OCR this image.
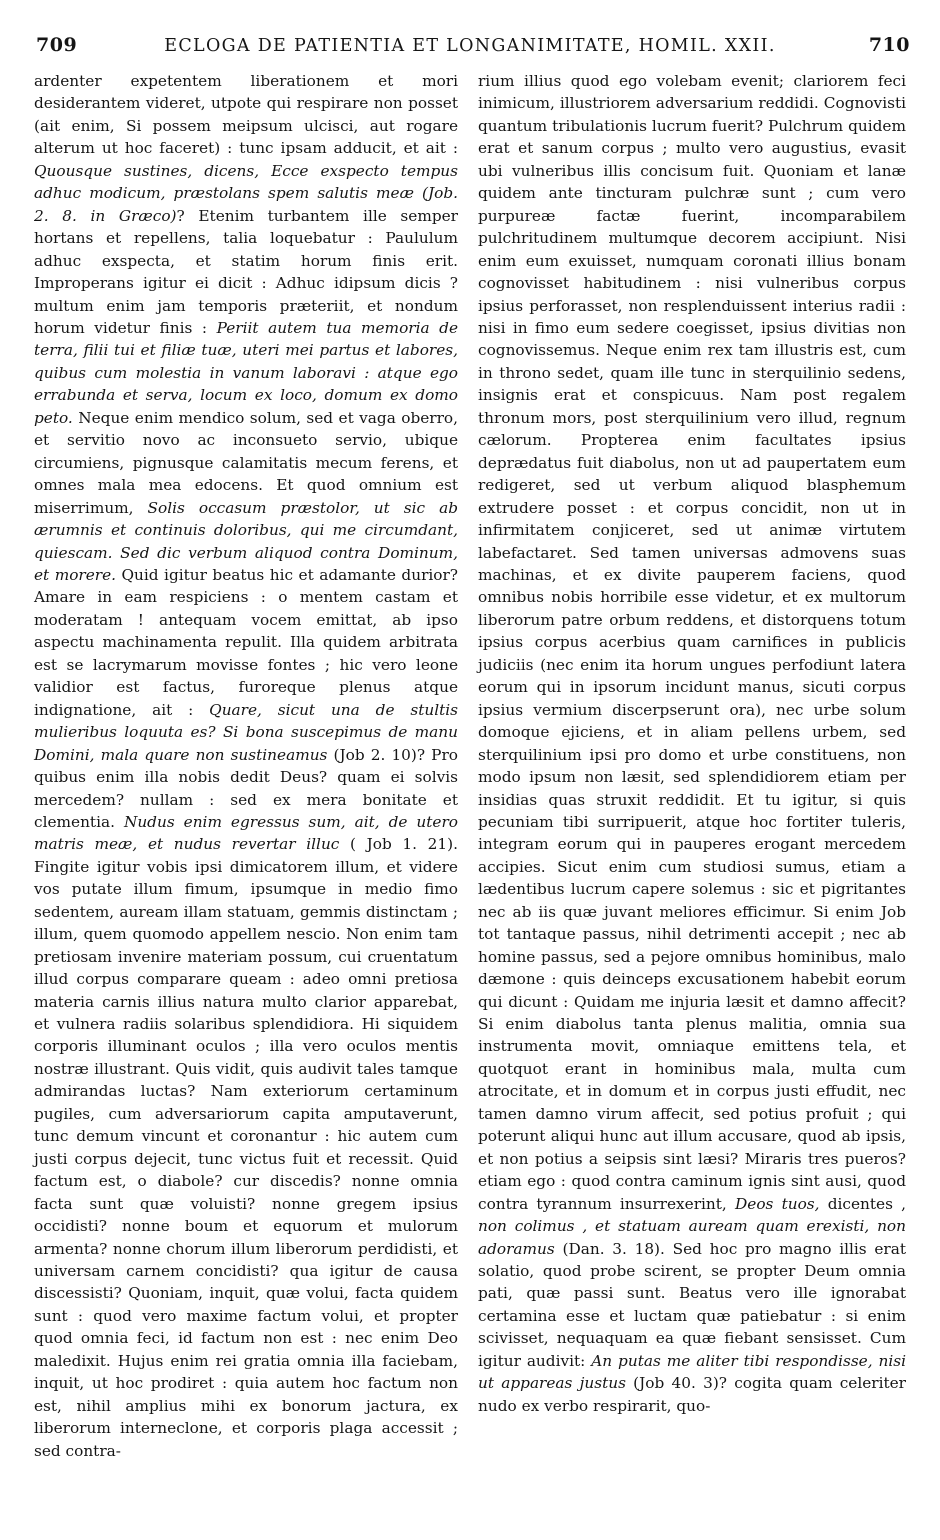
709	ECLOGA DE PATIENTIA ET LONGANIMITATE, HOMIL. XXII.	710

ardenter expetentem liberationem et mori desiderantem videret, utpote qui respirare non posset (ait enim, Si possem meipsum ulcisci, aut rogare alterum ut hoc faceret) : tunc ipsam adducit, et ait : Quousque sustines, dicens, Ecce exspecto tempus adhuc modicum, præstolans spem salutis meæ (Job. 2. 8. in Græco)? Etenim turbantem ille semper hortans et repellens, talia loquebatur : Paululum adhuc exspecta, et statim horum finis erit. Improperans igitur ei dicit : Adhuc idipsum dicis ? multum enim jam temporis præteriit, et nondum horum videtur finis : Periit autem tua memoria de terra, filii tui et filiæ tuæ, uteri mei partus et labores, quibus cum molestia in vanum laboravi : atque ego errabunda et serva, locum ex loco, domum ex domo peto. Neque enim mendico solum, sed et vaga oberro, et servitio novo ac inconsueto servio, ubique circumiens, pignusque calamitatis mecum ferens, et omnes mala mea edocens. Et quod omnium est miserrimum, Solis occasum præstolor, ut sic ab ærumnis et continuis doloribus, qui me circumdant, quiescam. Sed dic verbum aliquod contra Dominum, et morere. Quid igitur beatus hic et adamante durior? Amare in eam respiciens : o mentem castam et moderatam ! antequam vocem emittat, ab ipso aspectu machinamenta repulit. Illa quidem arbitrata est se lacrymarum movisse fontes ; hic vero leone validior est factus, furoreque plenus atque indignatione, ait : Quare, sicut una de stultis mulieribus loquuta es? Si bona suscepimus de manu Domini, mala quare non sustineamus (Job 2. 10)? Pro quibus enim illa nobis dedit Deus? quam ei solvis mercedem? nullam : sed ex mera bonitate et clementia. Nudus enim egressus sum, ait, de utero matris meæ, et nudus revertar illuc ( Job 1. 21). Fingite igitur vobis ipsi dimicatorem illum, et videre vos putate illum fimum, ipsumque in medio fimo sedentem, auream illam statuam, gemmis distinctam ; illum, quem quomodo appellem nescio. Non enim tam pretiosam invenire materiam possum, cui cruentatum illud corpus comparare queam : adeo omni pretiosa materia carnis illius natura multo clarior apparebat, et vulnera radiis solaribus splendidiora. Hi siquidem corporis illuminant oculos ; illa vero oculos mentis nostræ illustrant. Quis vidit, quis audivit tales tamque admirandas luctas? Nam exteriorum certaminum pugiles, cum adversariorum capita amputaverunt, tunc demum vincunt et coronantur : hic autem cum justi corpus dejecit, tunc victus fuit et recessit. Quid factum est, o diabole? cur discedis? nonne omnia facta sunt quæ voluisti? nonne gregem ipsius occidisti? nonne boum et equorum et mulorum armenta? nonne chorum illum liberorum perdidisti, et universam carnem concidisti? qua igitur de causa discessisti? Quoniam, inquit, quæ volui, facta quidem sunt : quod vero maxime factum volui, et propter quod omnia feci, id factum non est : nec enim Deo maledixit. Hujus enim rei gratia omnia illa faciebam, inquit, ut hoc prodiret : quia autem hoc factum non est, nihil amplius mihi ex bonorum jactura, ex liberorum interneclone, et corporis plaga accessit ; sed contra-

rium illius quod ego volebam evenit; clariorem feci inimicum, illustriorem adversarium reddidi. Cognovisti quantum tribulationis lucrum fuerit? Pulchrum quidem erat et sanum corpus ; multo vero augustius, evasit ubi vulneribus illis concisum fuit. Quoniam et lanæ quidem ante tincturam pulchræ sunt ; cum vero purpureæ factæ fuerint, incomparabilem pulchritudinem multumque decorem accipiunt. Nisi enim eum exuisset, numquam coronati illius bonam cognovisset habitudinem : nisi vulneribus corpus ipsius perforasset, non resplenduissent interius radii : nisi in fimo eum sedere coegisset, ipsius divitias non cognovissemus. Neque enim rex tam illustris est, cum in throno sedet, quam ille tunc in sterquilinio sedens, insignis erat et conspicuus. Nam post regalem thronum mors, post sterquilinium vero illud, regnum cælorum. Propterea enim facultates ipsius deprædatus fuit diabolus, non ut ad paupertatem eum redigeret, sed ut verbum aliquod blasphemum extrudere posset : et corpus concidit, non ut in infirmitatem conjiceret, sed ut animæ virtutem labefactaret. Sed tamen universas admovens suas machinas, et ex divite pauperem faciens, quod omnibus nobis horribile esse videtur, et ex multorum liberorum patre orbum reddens, et distorquens totum ipsius corpus acerbius quam carnifices in publicis judiciis (nec enim ita horum ungues perfodiunt latera eorum qui in ipsorum incidunt manus, sicuti corpus ipsius vermium discerpserunt ora), nec urbe solum domoque ejiciens, et in aliam pellens urbem, sed sterquilinium ipsi pro domo et urbe constituens, non modo ipsum non læsit, sed splendidiorem etiam per insidias quas struxit reddidit. Et tu igitur, si quis pecuniam tibi surripuerit, atque hoc fortiter tuleris, integram eorum qui in pauperes erogant mercedem accipies. Sicut enim cum studiosi sumus, etiam a lædentibus lucrum capere solemus : sic et pigritantes nec ab iis quæ juvant meliores efficimur. Si enim Job tot tantaque passus, nihil detrimenti accepit ; nec ab homine passus, sed a pejore omnibus hominibus, malo dæmone : quis deinceps excusationem habebit eorum qui dicunt : Quidam me injuria læsit et damno affecit? Si enim diabolus tanta plenus malitia, omnia sua instrumenta movit, omniaque emittens tela, et quotquot erant in hominibus mala, multa cum atrocitate, et in domum et in corpus justi effudit, nec tamen damno virum affecit, sed potius profuit ; qui poterunt aliqui hunc aut illum accusare, quod ab ipsis, et non potius a seipsis sint læsi? Miraris tres pueros? etiam ego : quod contra caminum ignis sint ausi, quod contra tyrannum insurrexerint, Deos tuos, dicentes , non colimus , et statuam auream quam erexisti, non adoramus (Dan. 3. 18). Sed hoc pro magno illis erat solatio, quod probe scirent, se propter Deum omnia pati, quæ passi sunt. Beatus vero ille ignorabat certamina esse et luctam quæ patiebatur : si enim scivisset, nequaquam ea quæ fiebant sensisset. Cum igitur audivit: An putas me aliter tibi respondisse, nisi ut appareas justus (Job 40. 3)? cogita quam celeriter nudo ex verbo respirarit, quo-
